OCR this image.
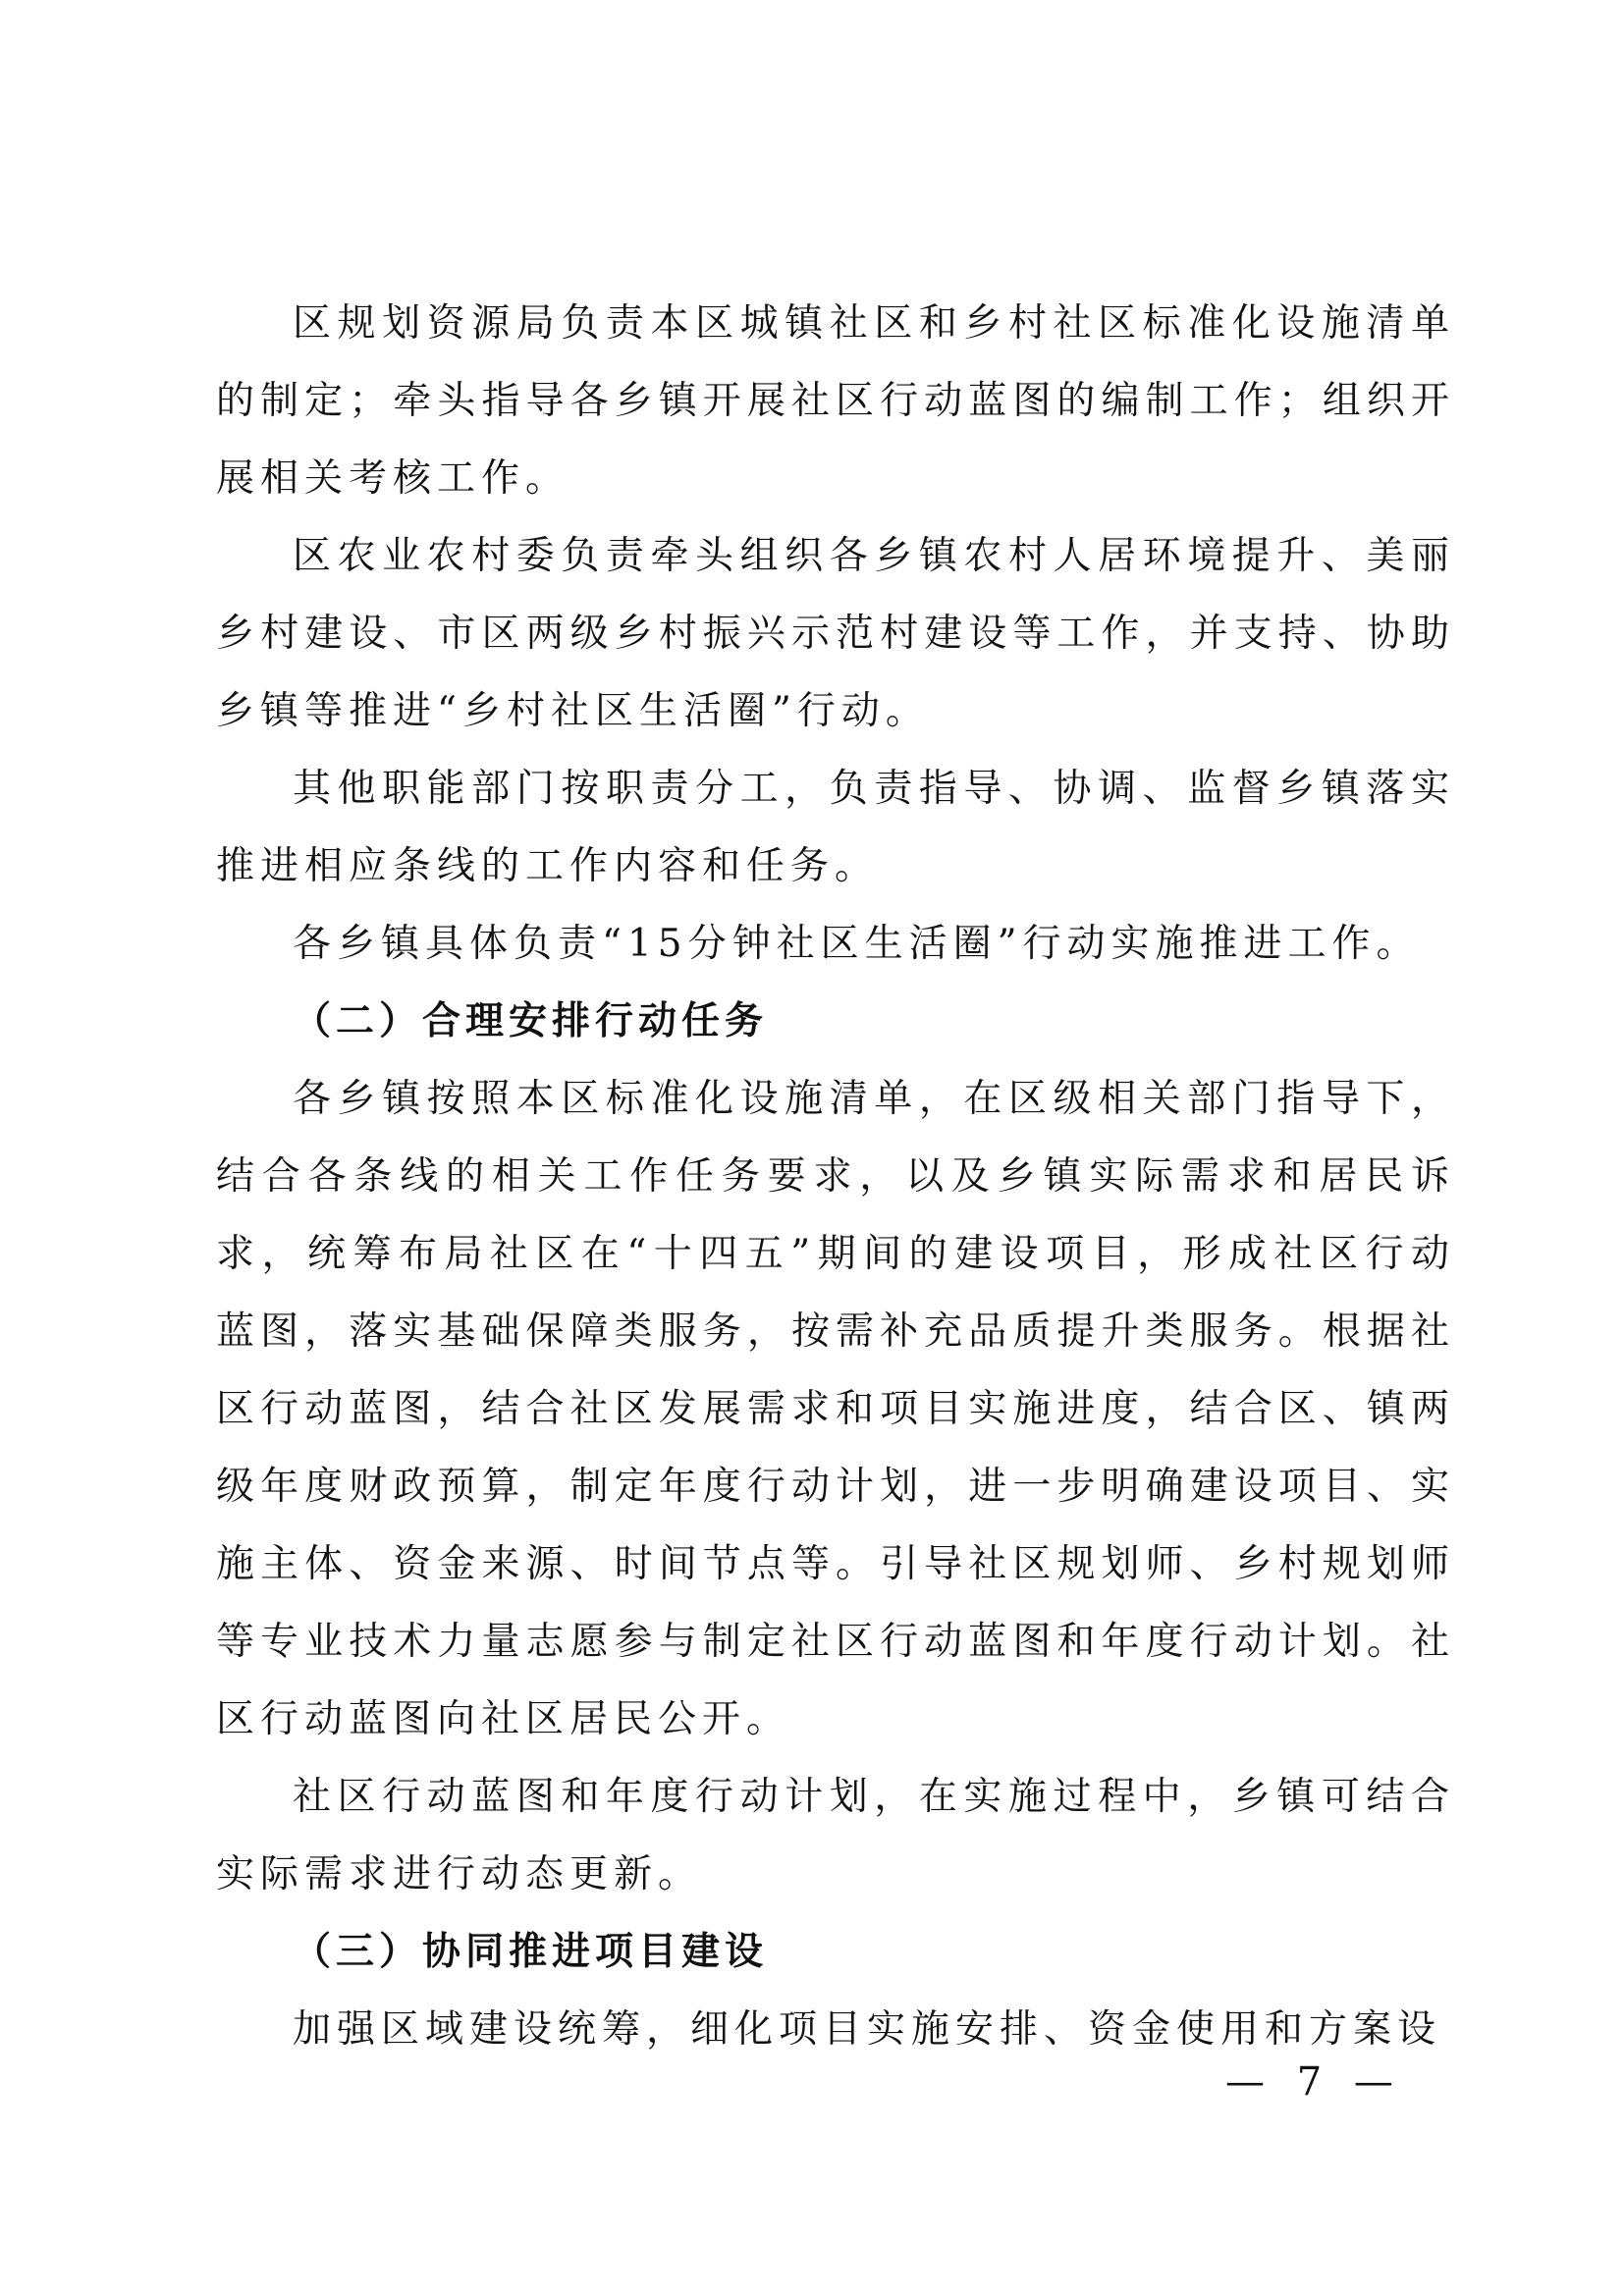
区规划资源局负责本区城镇社区和乡村社区标准化设施清单的制定；牵头指导各乡镇开展社区行动蓝图的编制工作；组织开展相关考核工作。

区农业农村委负责牵头组织各乡镇农村人居环境提升、美丽乡村建设、市区两级乡村振兴示范村建设等工作，并支持、协助乡镇等推进“乡村社区生活圈”行动。

其他职能部门按职责分工，负责指导、协调、监督乡镇落实推进相应条线的工作内容和任务。

各乡镇具体负责“15分钟社区生活圈”行动实施推进工作。

（二）合理安排行动任务

各乡镇按照本区标准化设施清单，在区级相关部门指导下，结合各条线的相关工作任务要求，以及乡镇实际需求和居民诉求，统筹布局社区在“十四五”期间的建设项目，形成社区行动蓝图，落实基础保障类服务，按需补充品质提升类服务。根据社区行动蓝图，结合社区发展需求和项目实施进度，结合区、镇两级年度财政预算，制定年度行动计划，进一步明确建设项目、实施主体、资金来源、时间节点等。引导社区规划师、乡村规划师等专业技术力量志愿参与制定社区行动蓝图和年度行动计划。社区行动蓝图向社区居民公开。

社区行动蓝图和年度行动计划，在实施过程中，乡镇可结合实际需求进行动态更新。

（三）协同推进项目建设

加强区域建设统筹，细化项目实施安排、资金使用和方案设

— 7 —
